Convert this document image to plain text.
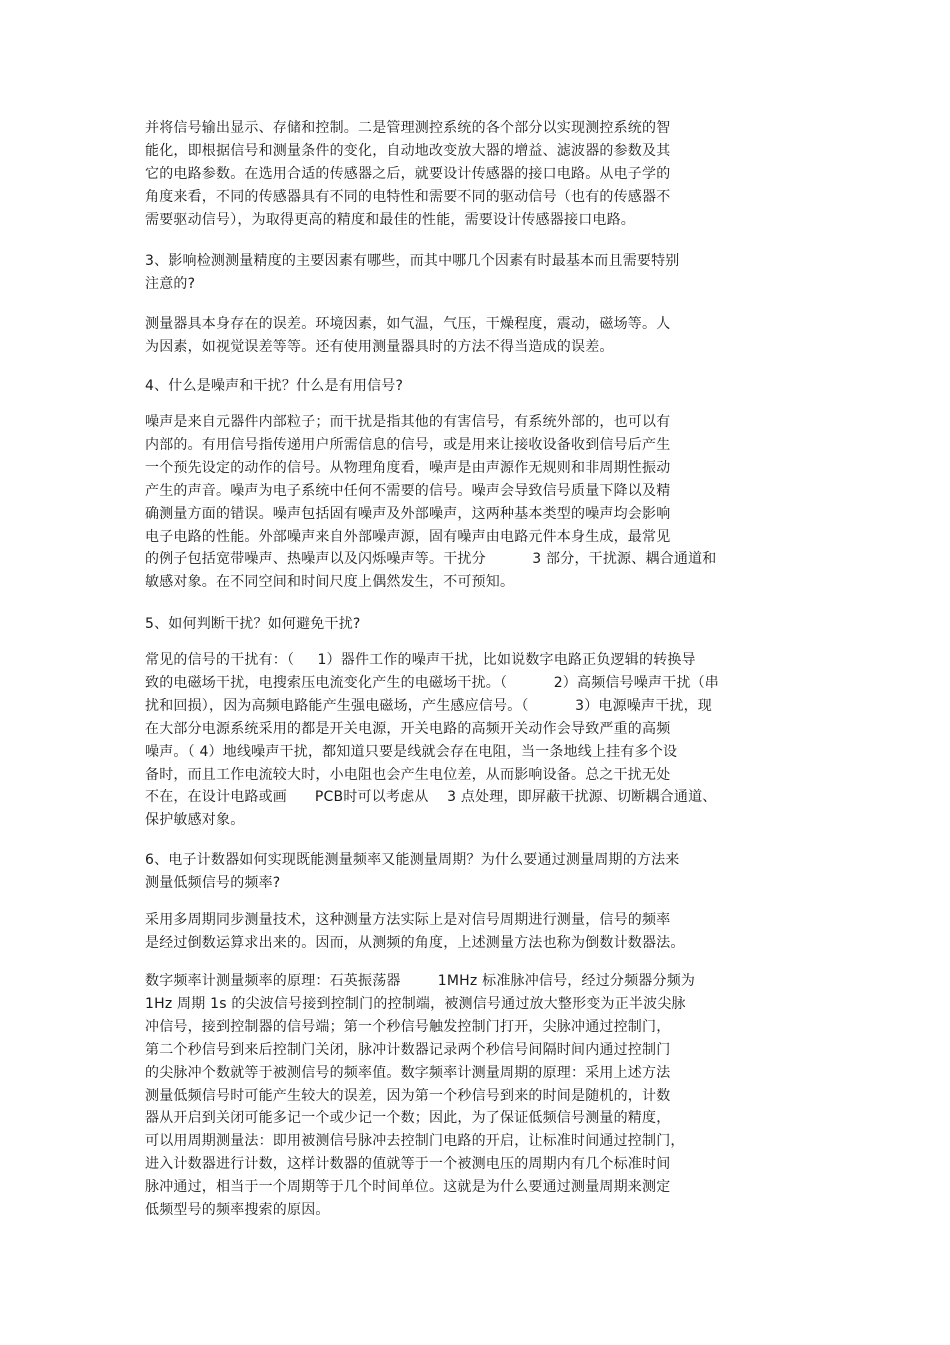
并将信号输出显示、存储和控制。二是管理测控系统的各个部分以实现测控系统的智
能化，即根据信号和测量条件的变化，自动地改变放大器的增益、滤波器的参数及其
它的电路参数。在选用合适的传感器之后，就要设计传感器的接口电路。从电子学的
角度来看，不同的传感器具有不同的电特性和需要不同的驱动信号（也有的传感器不
需要驱动信号），为取得更高的精度和最佳的性能，需要设计传感器接口电路。
3、影响检测测量精度的主要因素有哪些，而其中哪几个因素有时最基本而且需要特别
注意的?
测量器具本身存在的误差。环境因素，如气温，气压，干燥程度，震动，磁场等。人
为因素，如视觉误差等等。还有使用测量器具时的方法不得当造成的误差。
4、什么是噪声和干扰？什么是有用信号?
噪声是来自元器件内部粒子；而干扰是指其他的有害信号，有系统外部的，也可以有
内部的。有用信号指传递用户所需信息的信号，或是用来让接收设备收到信号后产生
一个预先设定的动作的信号。从物理角度看，噪声是由声源作无规则和非周期性振动
产生的声音。噪声为电子系统中任何不需要的信号。噪声会导致信号质量下降以及精
确测量方面的错误。噪声包括固有噪声及外部噪声，这两种基本类型的噪声均会影响
电子电路的性能。外部噪声来自外部噪声源，固有噪声由电路元件本身生成，最常见
的例子包括宽带噪声、热噪声以及闪烁噪声等。干扰分          3 部分，干扰源、耦合通道和
敏感对象。在不同空间和时间尺度上偶然发生，不可预知。
5、如何判断干扰？如何避免干扰?
常见的信号的干扰有：（     1）器件工作的噪声干扰，比如说数字电路正负逻辑的转换导
致的电磁场干扰，电搜索压电流变化产生的电磁场干扰。（          2）高频信号噪声干扰（串
扰和回损），因为高频电路能产生强电磁场，产生感应信号。（          3）电源噪声干扰，现
在大部分电源系统采用的都是开关电源，开关电路的高频开关动作会导致严重的高频
噪声。（ 4）地线噪声干扰，都知道只要是线就会存在电阻，当一条地线上挂有多个设
备时，而且工作电流较大时，小电阻也会产生电位差，从而影响设备。总之干扰无处
不在，在设计电路或画      PCB时可以考虑从    3 点处理，即屏蔽干扰源、切断耦合通道、
保护敏感对象。
6、电子计数器如何实现既能测量频率又能测量周期？为什么要通过测量周期的方法来
测量低频信号的频率?
采用多周期同步测量技术，这种测量方法实际上是对信号周期进行测量，信号的频率
是经过倒数运算求出来的。因而，从测频的角度，上述测量方法也称为倒数计数器法。
数字频率计测量频率的原理：石英振荡器        1MHz 标准脉冲信号，经过分频器分频为
1Hz 周期 1s 的尖波信号接到控制门的控制端，被测信号通过放大整形变为正半波尖脉
冲信号，接到控制器的信号端；第一个秒信号触发控制门打开，尖脉冲通过控制门，
第二个秒信号到来后控制门关闭，脉冲计数器记录两个秒信号间隔时间内通过控制门
的尖脉冲个数就等于被测信号的频率值。数字频率计测量周期的原理：采用上述方法
测量低频信号时可能产生较大的误差，因为第一个秒信号到来的时间是随机的，计数
器从开启到关闭可能多记一个或少记一个数；因此，为了保证低频信号测量的精度，
可以用周期测量法：即用被测信号脉冲去控制门电路的开启，让标准时间通过控制门，
进入计数器进行计数，这样计数器的值就等于一个被测电压的周期内有几个标准时间
脉冲通过，相当于一个周期等于几个时间单位。这就是为什么要通过测量周期来测定
低频型号的频率搜索的原因。
